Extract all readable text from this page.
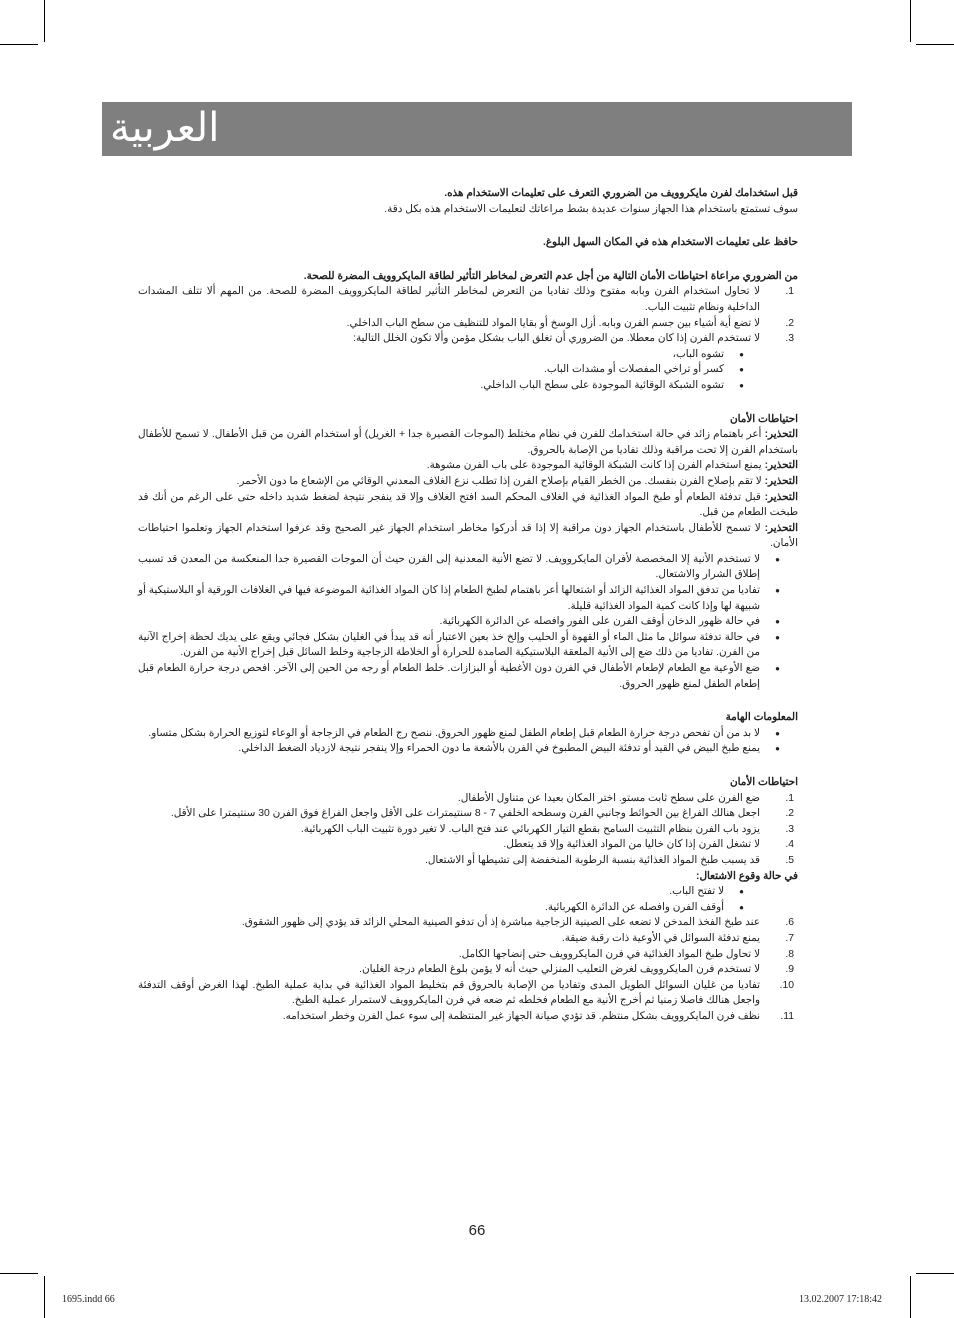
العربية

قبل استخدامك لفرن مايكروويف من الضروري التعرف على تعليمات الاستخدام هذه.

سوف تستمتع باستخدام هذا الجهاز سنوات عديدة بشط مراعاتك لتعليمات الاستخدام هذه بكل دقة.

حافظ على تعليمات الاستخدام هذه في المكان السهل البلوغ.

من الضروري مراعاة احتياطات الأمان التالية من أجل عدم التعرض لمخاطر التأثير لطاقة المايكروويف المضرة للصحة.

1.
لا تحاول استخدام الفرن وبابه مفتوح وذلك تفاديا من التعرض لمخاطر التأثير لطاقة المايكروويف المضرة للصحة. من المهم ألا تتلف المشدات الداخلية ونظام تثبيت الباب.
2.
لا تضع أية أشياء بين جسم الفرن وبابه. أزل الوسخ أو بقايا المواد للتنظيف من سطح الباب الداخلي.
3.
لا تستخدم الفرن إذا كان معطلا. من الضروري أن تغلق الباب بشكل مؤمن وألا تكون الخلل التالية:
●
تشوه الباب،
●
كسر أو تراخي المفصلات أو مشدات الباب.
●
تشوه الشبكة الوقائية الموجودة على سطح الباب الداخلي.

احتياطات الأمان

التحذير: أعر باهتمام زائد في حالة استخدامك للفرن في نظام مختلط (الموجات القصيرة جدا + الغريل) أو استخدام الفرن من قبل الأطفال. لا تسمح للأطفال باستخدام الفرن إلا تحت مراقبة وذلك تفاديا من الإصابة بالحروق.

التحذير: يمنع استخدام الفرن إذا كانت الشبكة الوقائية الموجودة على باب الفرن مشوهة.

التحذير: لا تقم بإصلاح الفرن بنفسك. من الخطر القيام بإصلاح الفرن إذا تطلب نزع الغلاف المعدني الوقائي من الإشعاع ما دون الأحمر.

التحذير: قبل تدفئة الطعام أو طبخ المواد الغذائية في الغلاف المحكم السد افتح الغلاف وإلا قد ينفجر نتيجة لضغط شديد داخله حتى على الرغم من أنك قد طبخت الطعام من قبل.

التحذير: لا تسمح للأطفال باستخدام الجهاز دون مراقبة إلا إذا قد أدركوا مخاطر استخدام الجهاز غير الصحيح وقد عرفوا استخدام الجهاز وتعلموا احتياطات الأمان.

●
لا تستخدم الأنية إلا المخصصة لأفران المايكروويف. لا تضع الأنية المعدنية إلى الفرن حيث أن الموجات القصيرة جدا المنعكسة من المعدن قد تسبب إطلاق الشرار والاشتعال.
●
تفاديا من تدفق المواد الغذائية الزائد أو اشتعالها أعر باهتمام لطبخ الطعام إذا كان المواد الغذائية الموضوعة فيها في الغلافات الورقية أو البلاستيكية أو شبيهة لها وإذا كانت كمية المواد الغذائية قليلة.
●
في حالة ظهور الدخان أوقف الفرن على الفور وافصله عن الدائرة الكهربائية.
●
في حالة تدفئة سوائل ما مثل الماء أو القهوة أو الحليب وإلخ خذ بعين الاعتبار أنه قد يبدأ في الغليان بشكل فجائي ويقع على يديك لحظة إخراج الآنية من الفرن. تفاديا من ذلك ضع إلى الأنية الملعقة البلاستيكية الصامدة للحرارة أو الخلاطة الزجاجية وخلط السائل قبل إخراج الأنية من الفرن.
●
ضع الأوعية مع الطعام لإطعام الأطفال في الفرن دون الأغطية أو البزازات. خلط الطعام أو رجه من الحين إلى الآخر. افحص درجة حرارة الطعام قبل إطعام الطفل لمنع ظهور الحروق.

المعلومات الهامة

●
لا بد من أن تفحص درجة حرارة الطعام قبل إطعام الطفل لمنع ظهور الحروق. ننصح رج الطعام في الزجاجة أو الوعاء لتوزيع الحرارة بشكل متساو.
●
يمنع طبخ البيض في القيد أو تدفئة البيض المطبوخ في الفرن بالأشعة ما دون الحمراء وإلا ينفجر نتيجة لازدياد الضغط الداخلي.

احتياطات الأمان

1.
ضع الفرن على سطح ثابت مستو. اختر المكان بعيدا عن متناول الأطفال.
2.
اجعل هنالك الفراغ بين الحوائط وجانبي الفرن وسطحه الخلفي 7 - 8 سنتيمترات على الأقل واجعل الفراغ فوق الفرن 30 سنتيمترا على الأقل.
3.
يزود باب الفرن بنظام التثبيت السامح بقطع التيار الكهربائي عند فتح الباب. لا تغير دورة تثبيت الباب الكهربائية.
4.
لا تشغل الفرن إذا كان خاليا من المواد الغذائية وإلا قد يتعطل.
5.
قد يسبب طبخ المواد الغذائية بنسبة الرطوبة المنخفضة إلى تشيطها أو الاشتعال.

في حالة وقوع الاشتعال:

●
لا تفتح الباب.
●
أوقف الفرن وافصله عن الدائرة الكهربائية.
6.
عند طبخ الفخذ المدخن لا تضعه على الصينية الزجاجية مباشرة إذ أن تدفو الصينية المحلي الزائد قد يؤدي إلى ظهور الشقوق.
7.
يمنع تدفئة السوائل في الأوعية ذات رقبة ضيقة.
8.
لا تحاول طبخ المواد الغذائية في فرن المايكروويف حتى إنضاجها الكامل.
9.
لا تستخدم فرن المايكروويف لغرض التعليب المنزلي حيث أنه لا يؤمن بلوغ الطعام درجة الغليان.
10.
تفاديا من غليان السوائل الطويل المدى وتفاديا من الإصابة بالحروق قم بتخليط المواد الغذائية في بداية عملية الطبخ. لهذا الغرض أوقف التدفئة واجعل هنالك فاصلا زمنيا ثم أخرج الأنية مع الطعام فخلطه ثم ضعه في فرن المايكروويف لاستمرار عملية الطبخ.
11.
نظف فرن المايكروويف بشكل منتظم. قد تؤدي صيانة الجهاز غير المنتظمة إلى سوء عمل الفرن وخطر استخدامه.
66
1695.indd 66	13.02.2007 17:18:42
